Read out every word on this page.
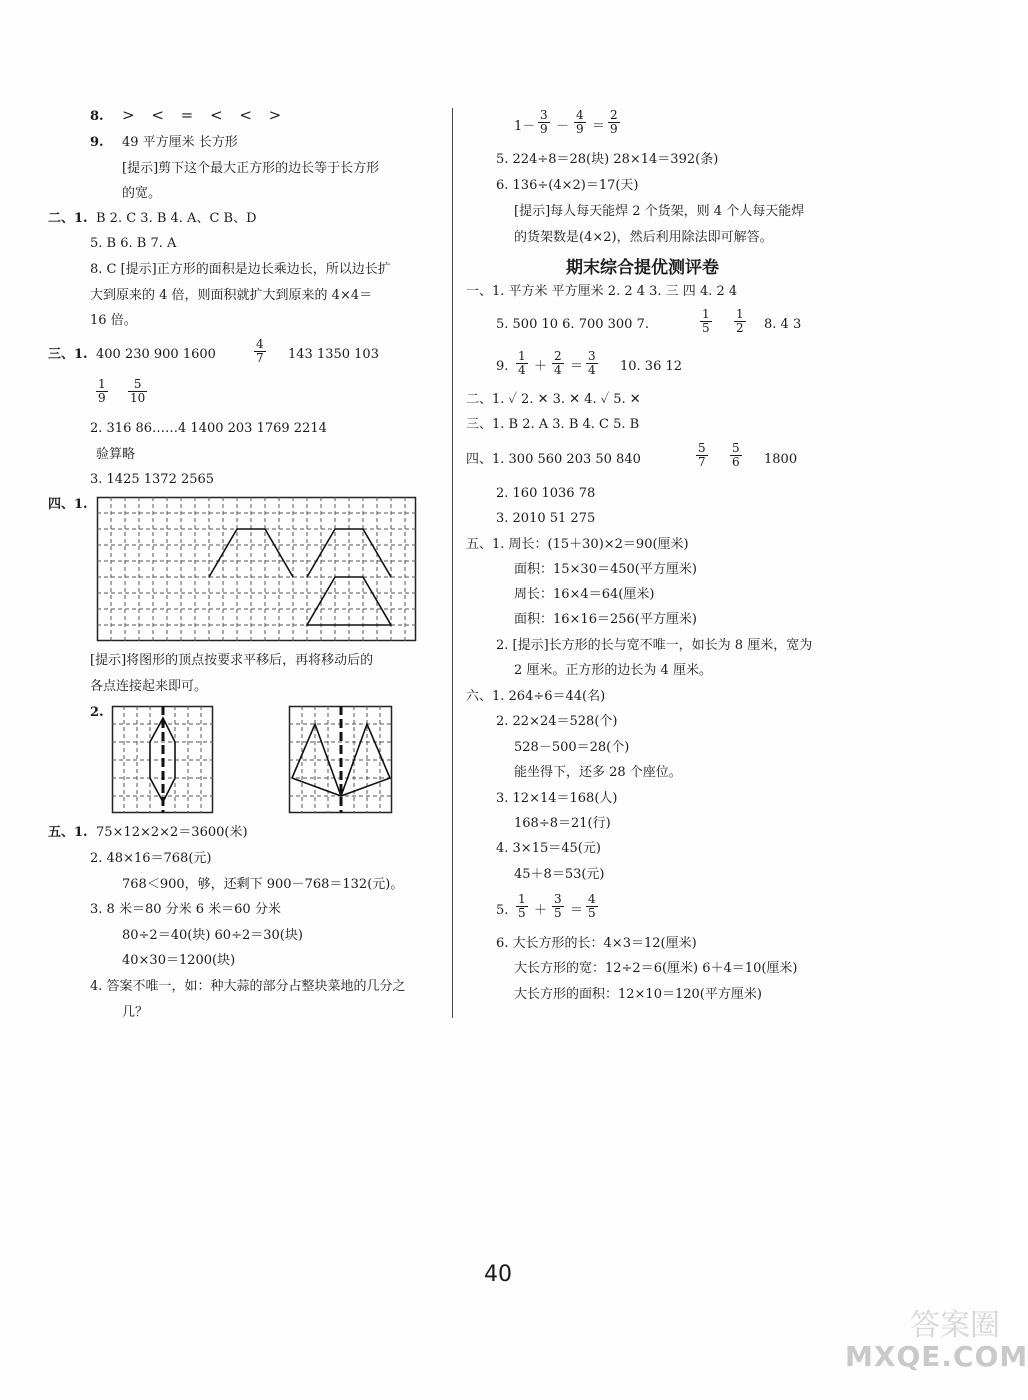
8. > < = < < >
9. 49 平方厘米 长方形
[提示]剪下这个最大正方形的边长等于长方形
的宽。
二、1. B 2. C 3. B 4. A、C B、D
5. B 6. B 7. A
8. C [提示]正方形的面积是边长乘边长，所以边长扩
大到原来的 4 倍，则面积就扩大到原来的 4×4＝
16 倍。
三、1. 400 230 900 1600
4
7 143 1350 103
1
9
5
10
2. 316 86……4 1400 203 1769 2214
验算略
3. 1425 1372 2565
四、1.
[提示]将图形的顶点按要求平移后，再将移动后的
各点连接起来即可。
2.
五、1. 75×12×2×2＝3600(米)
2. 48×16＝768(元)
768＜900，够，还剩下 900－768＝132(元)。
3. 8 米＝80 分米 6 米＝60 分米
80÷2＝40(块) 60÷2＝30(块)
40×30＝1200(块)
4. 答案不唯一，如：种大蒜的部分占整块菜地的几分之
几？
1－
3
9 －
4
9 ＝
2
9
5. 224÷8＝28(块) 28×14＝392(条)
6. 136÷(4×2)＝17(天)
[提示]每人每天能焊 2 个货架，则 4 个人每天能焊
的货架数是(4×2)，然后利用除法即可解答。
期末综合提优测评卷
一、1. 平方米 平方厘米 2. 2 4 3. 三 四 4. 2 4
5. 500 10 6. 700 300 7.
1
5
1
2 8. 4 3
9.
1
4 ＋
2
4 ＝
3
4 10. 36 12
二、1. ✓ 2. ✕ 3. ✕ 4. ✓ 5. ✕
三、1. B 2. A 3. B 4. C 5. B
四、1. 300 560 203 50 840
5
7
5
6 1800
2. 160 1036 78
3. 2010 51 275
五、1. 周长：(15＋30)×2＝90(厘米)
面积：15×30＝450(平方厘米)
周长：16×4＝64(厘米)
面积：16×16＝256(平方厘米)
2. [提示]长方形的长与宽不唯一，如长为 8 厘米，宽为
2 厘米。正方形的边长为 4 厘米。
六、1. 264÷6＝44(名)
2. 22×24＝528(个)
528－500＝28(个)
能坐得下，还多 28 个座位。
3. 12×14＝168(人)
168÷8＝21(行)
4. 3×15＝45(元)
45＋8＝53(元)
5.
1
5 ＋
3
5 ＝
4
5
6. 大长方形的长：4×3＝12(厘米)
大长方形的宽：12÷2＝6(厘米) 6＋4＝10(厘米)
大长方形的面积：12×10＝120(平方厘米)
40
答案圈
MXQE.COM
